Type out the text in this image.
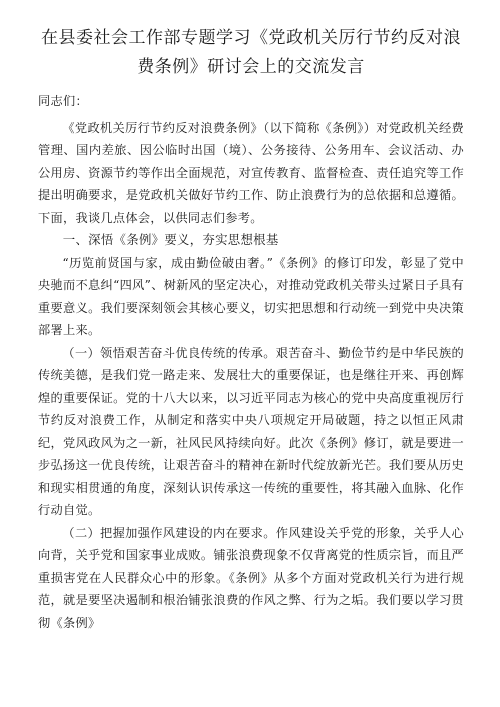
在县委社会工作部专题学习《党政机关厉行节约反对浪费条例》研讨会上的交流发言

同志们：

《党政机关厉行节约反对浪费条例》（以下简称《条例》）对党政机关经费管理、国内差旅、因公临时出国（境）、公务接待、公务用车、会议活动、办公用房、资源节约等作出全面规范，对宣传教育、监督检查、责任追究等工作提出明确要求，是党政机关做好节约工作、防止浪费行为的总依据和总遵循。下面，我谈几点体会，以供同志们参考。

一、深悟《条例》要义，夯实思想根基

“历览前贤国与家，成由勤俭破由奢。”《条例》的修订印发，彰显了党中央驰而不息纠“四风”、树新风的坚定决心，对推动党政机关带头过紧日子具有重要意义。我们要深刻领会其核心要义，切实把思想和行动统一到党中央决策部署上来。

（一）领悟艰苦奋斗优良传统的传承。艰苦奋斗、勤俭节约是中华民族的传统美德，是我们党一路走来、发展壮大的重要保证，也是继往开来、再创辉煌的重要保证。党的十八大以来，以习近平同志为核心的党中央高度重视厉行节约反对浪费工作，从制定和落实中央八项规定开局破题，持之以恒正风肃纪，党风政风为之一新，社风民风持续向好。此次《条例》修订，就是要进一步弘扬这一优良传统，让艰苦奋斗的精神在新时代绽放新光芒。我们要从历史和现实相贯通的角度，深刻认识传承这一传统的重要性，将其融入血脉、化作行动自觉。

（二）把握加强作风建设的内在要求。作风建设关乎党的形象，关乎人心向背，关乎党和国家事业成败。铺张浪费现象不仅背离党的性质宗旨，而且严重损害党在人民群众心中的形象。《条例》从多个方面对党政机关行为进行规范，就是要坚决遏制和根治铺张浪费的作风之弊、行为之垢。我们要以学习贯彻《条例》
